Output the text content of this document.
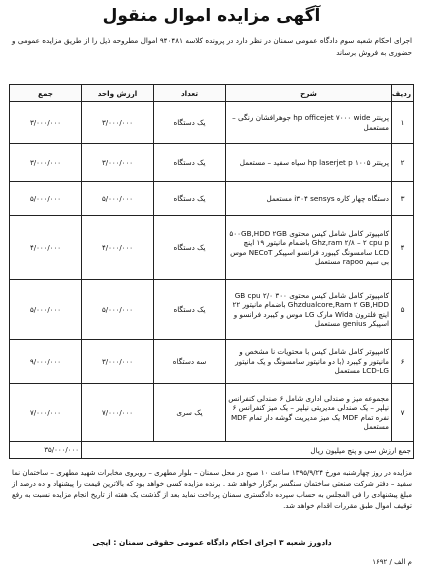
آگهی مزایده اموال منقول
اجرای احکام شعبه سوم دادگاه عمومی سمنان در نظر دارد در پرونده کلاسه ۹۴۰۴۸۱ اموال مطروحه ذیل را از طریق مزایده عمومی و حضوری به فروش برساند
ردیف	شرح	تعداد	ارزش واحد	جمع
۱	پرینتر hp officejet ۷۰۰۰ wide جوهرافشان رنگی – مستعمل	یک دستگاه	۳/۰۰۰/۰۰۰	۳/۰۰۰/۰۰۰
۲	پرینتر hp laserjet p ۱۰۰۵ سیاه سفید – مستعمل	یک دستگاه	۳/۰۰۰/۰۰۰	۳/۰۰۰/۰۰۰
۳	دستگاه چهار کاره i۳۰۴ sensys مستعمل	یک دستگاه	۵/۰۰۰/۰۰۰	۵/۰۰۰/۰۰۰
۴	کامپیوتر کامل شامل کیس محتوی ۵۰۰GB,HDD ۲GB Ghz,ram ۲/۸ – ۲ cpu p باضمام مانیتور ۱۹ اینچ LCD سامسونگ کیبورد فرانسو اسپیکر NECoT موس بی سیم rapoo مستعمل	یک دستگاه	۴/۰۰۰/۰۰۰	۴/۰۰۰/۰۰۰
۵	کامپیوتر کامل شامل کیس محتوی ۳۰۰ GB cpu ۲/۰ Ghzdualcore,Ram ۲ GB,HDD باضمام مانیتور ۲۲ اینچ فلترون Wida مارک LG موس و کیبرد فرانسو و اسپیکر genius مستعمل	یک دستگاه	۵/۰۰۰/۰۰۰	۵/۰۰۰/۰۰۰
۶	کامپیوتر کامل شامل کیس با محتویات نا مشخص و مانیتور و کیبرد (با دو مانیتور سامسونگ و یک مانیتور LCD-LG مستعمل	سه دستگاه	۳/۰۰۰/۰۰۰	۹/۰۰۰/۰۰۰
۷	مجموعه میز و صندلی اداری شامل ۶ صندلی کنفرانس نیلپر – یک صندلی مدیریتی نیلپر – یک میز کنفرانس ۶ نفره تمام MDF یک میز مدیریت گوشه دار تمام MDF مستعمل	یک سری	۷/۰۰۰/۰۰۰	۷/۰۰۰/۰۰۰
جمع ارزش سی و پنج میلیون ریال				۳۵/۰۰۰/۰۰۰
مزایده در روز چهارشنبه مورخ ۱۳۹۵/۹/۲۴ ساعت ۱۰ صبح در محل سمنان – بلوار مطهری – روبروی مخابرات شهید مطهری – ساختمان نما سفید – دفتر شرکت صنعتی ساختمان سنگسر برگزار خواهد شد . برنده مزایده کسی خواهد بود که بالاترین قیمت را پیشنهاد و ده درصد از مبلغ پیشنهادی را فی المجلس به حساب سپرده دادگستری سمنان پرداخت نماید بعد از گذشت یک هفته از تاریخ انجام مزایده نسبت به رفع توقیف اموال طبق مقررات اقدام خواهد شد.
دادورز شعبه ۳ اجرای احکام دادگاه عمومی حقوقی سمنان : ایجی
م الف / ۱۶۹۲
